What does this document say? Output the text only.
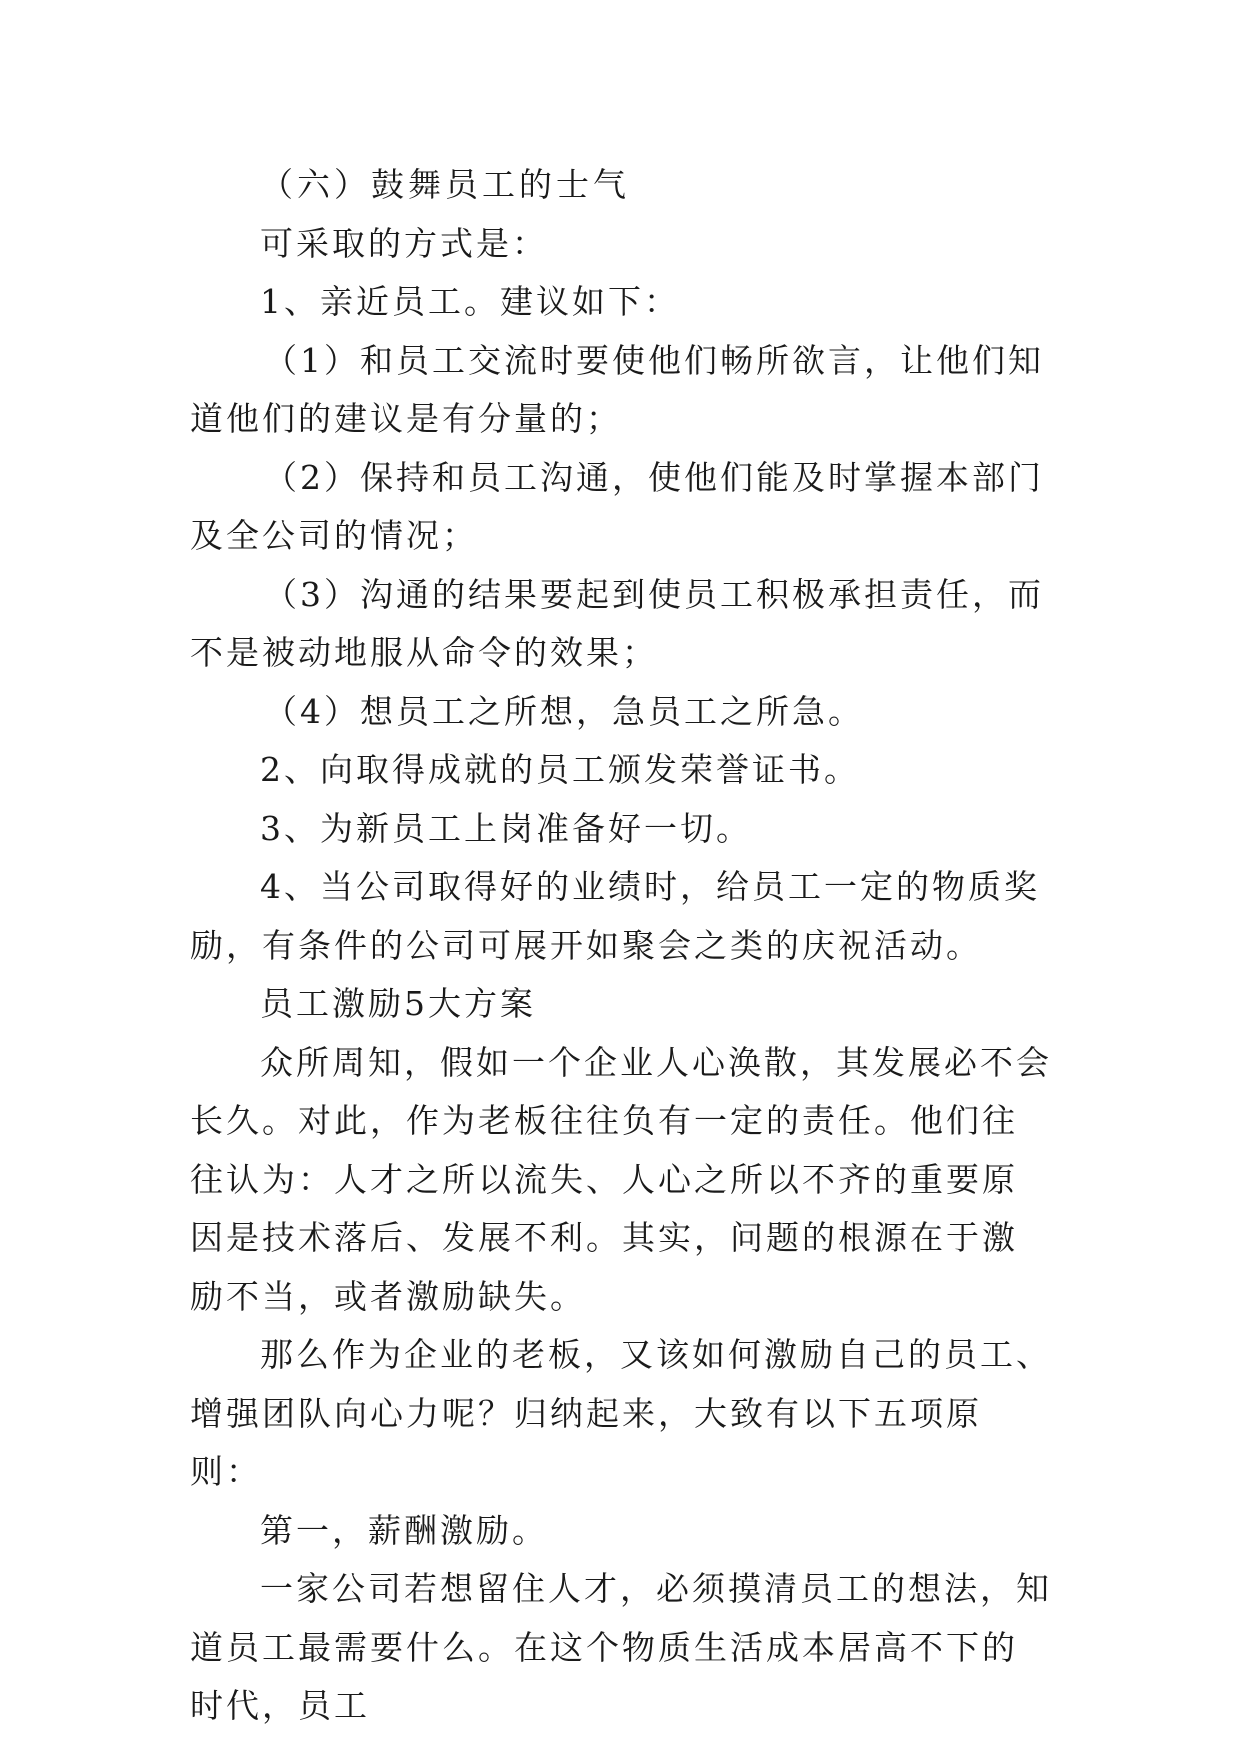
（六）鼓舞员工的士气

可采取的方式是：

1、亲近员工。建议如下：

（1）和员工交流时要使他们畅所欲言，让他们知道他们的建议是有分量的；

（2）保持和员工沟通，使他们能及时掌握本部门及全公司的情况；

（3）沟通的结果要起到使员工积极承担责任，而不是被动地服从命令的效果；

（4）想员工之所想，急员工之所急。

2、向取得成就的员工颁发荣誉证书。

3、为新员工上岗准备好一切。

4、当公司取得好的业绩时，给员工一定的物质奖励，有条件的公司可展开如聚会之类的庆祝活动。

员工激励5大方案

众所周知，假如一个企业人心涣散，其发展必不会长久。对此，作为老板往往负有一定的责任。他们往往认为：人才之所以流失、人心之所以不齐的重要原因是技术落后、发展不利。其实，问题的根源在于激励不当，或者激励缺失。

那么作为企业的老板，又该如何激励自己的员工、增强团队向心力呢？归纳起来，大致有以下五项原则：

第一，薪酬激励。

一家公司若想留住人才，必须摸清员工的想法，知道员工最需要什么。在这个物质生活成本居高不下的时代，员工
